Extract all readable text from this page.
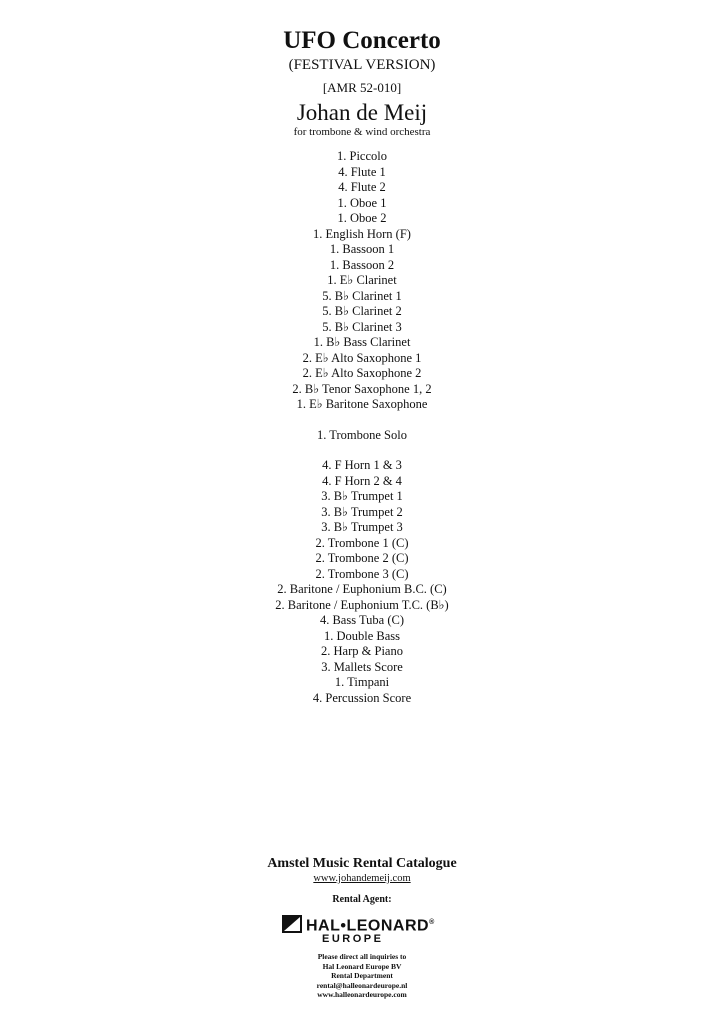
UFO Concerto
(FESTIVAL VERSION)
[AMR 52-010]
Johan de Meij
for trombone & wind orchestra
1. Piccolo
4. Flute 1
4. Flute 2
1. Oboe 1
1. Oboe 2
1. English Horn (F)
1. Bassoon 1
1. Bassoon 2
1. E♭ Clarinet
5. B♭ Clarinet 1
5. B♭ Clarinet 2
5. B♭ Clarinet 3
1. B♭ Bass Clarinet
2. E♭ Alto Saxophone 1
2. E♭ Alto Saxophone 2
2. B♭ Tenor Saxophone 1, 2
1. E♭ Baritone Saxophone
1. Trombone Solo
4. F Horn 1 & 3
4. F Horn 2 & 4
3. B♭ Trumpet 1
3. B♭ Trumpet 2
3. B♭ Trumpet 3
2. Trombone 1 (C)
2. Trombone 2 (C)
2. Trombone 3 (C)
2. Baritone / Euphonium B.C. (C)
2. Baritone / Euphonium T.C. (B♭)
4. Bass Tuba (C)
1. Double Bass
2. Harp & Piano
3. Mallets Score
1. Timpani
4. Percussion Score
Amstel Music Rental Catalogue
www.johandemeij.com
Rental Agent:
HAL•LEONARD®
EUROPE
Please direct all inquiries to
Hal Leonard Europe BV
Rental Department
rental@halleonardeurope.nl
www.halleonardeurope.com
